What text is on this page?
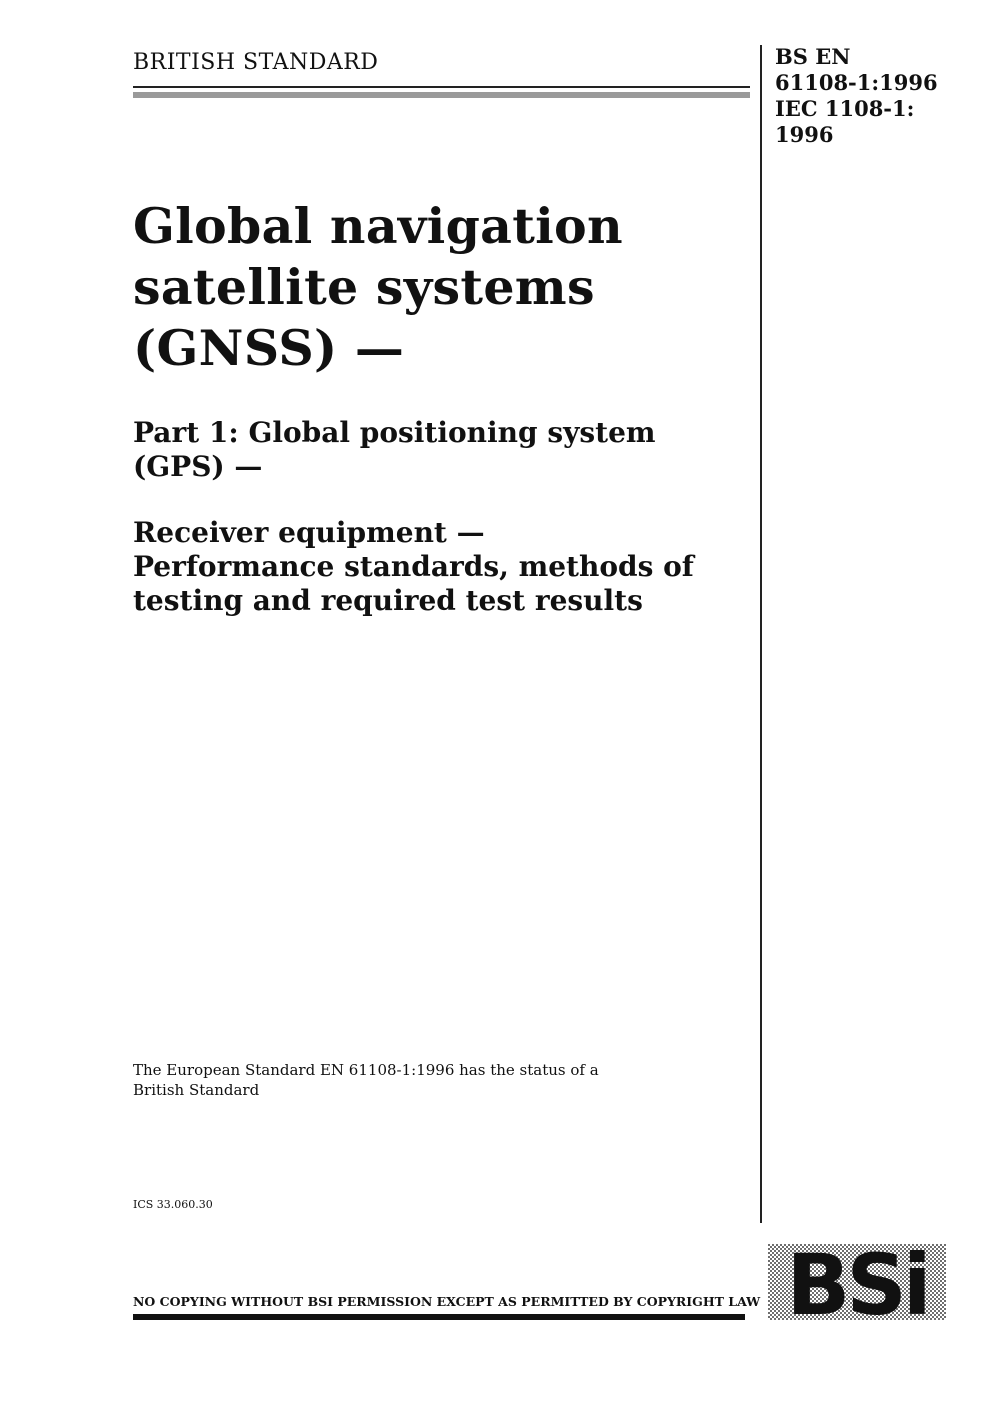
BRITISH STANDARD	BS EN
61108-1:1996
IEC 1108-1:
1996
Global navigation
satellite systems
(GNSS) —
Part 1: Global positioning system
(GPS) —
Receiver equipment —
Performance standards, methods of
testing and required test results
The European Standard EN 61108-1:1996 has the status of a
British Standard
ICS 33.060.30
NO COPYING WITHOUT BSI PERMISSION EXCEPT AS PERMITTED BY COPYRIGHT LAW BSi
